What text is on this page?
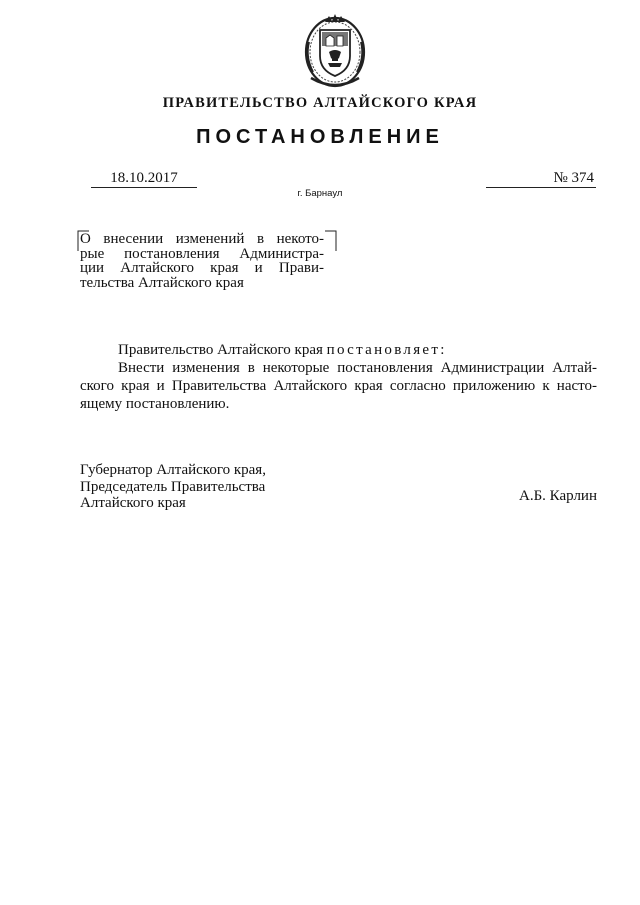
ПРАВИТЕЛЬСТВО АЛТАЙСКОГО КРАЯ
ПОСТАНОВЛЕНИЕ
18.10.2017	№ 374
г. Барнаул
О внесении изменений в некото-
рые постановления Администра-
ции Алтайского края и Прави-
тельства Алтайского края
Правительство Алтайского края постановляет:
Внести изменения в некоторые постановления Администрации Алтай-
ского края и Правительства Алтайского края согласно приложению к насто-
ящему постановлению.
Губернатор Алтайского края,
Председатель Правительства
Алтайского края	А.Б. Карлин
